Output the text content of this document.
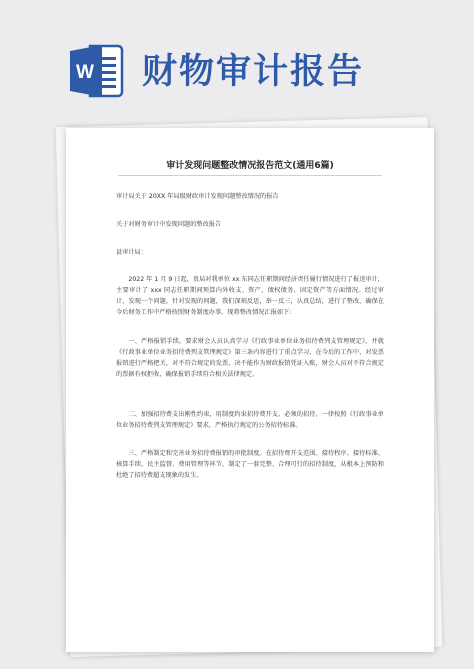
W 财物审计报告
审计发现问题整改情况报告范文(通用6篇)

审计局关于 20XX 年局级财政审计发现问题整改情况的报告

关于对财务审计中发现问题的整改报告

县审计局：

2022 年 1 月 9 日起，贵局对我单位 xx 东同志任职期间经济责任履行情况进行了报送审计，主要审计了 xxx 同志任职期间预算内外收支、资产、债权债务、固定资产等方面情况。经过审计，发现一个问题。针对发现的问题，我们深刻反思，举一反三，认真总结，进行了整改，确保在今后财务工作中严格按照财务制度办事。现将整改情况汇报如下：

一、严格报销手续。要求财会人员认真学习《行政事业单位业务招待费列支管理规定》，并就《行政事业单位业务招待费列支管理规定》第三条内容进行了重点学习，在今后的工作中，对发票报销进行严格把关，对不符合规定的发票，决不能作为财政报销凭证入账，财会人员对不符合规定的票据有权拒收，确保报销手续符合相关法律规定。

二、加强招待费支出刚性约束，用制度约束招待费开支。必须的招待，一律按照《行政事业单位业务招待费列支管理规定》要求，严格执行规定的公务招待标准。

三、严格制定和完善业务招待费报销的审批制度。在招待费开支范围、接待程序、接待标准、核算手续、民主监督、费用管理等环节，制定了一套完整、合理可行的招待制度，从根本上预防和杜绝了招待费超支现象的发生。
